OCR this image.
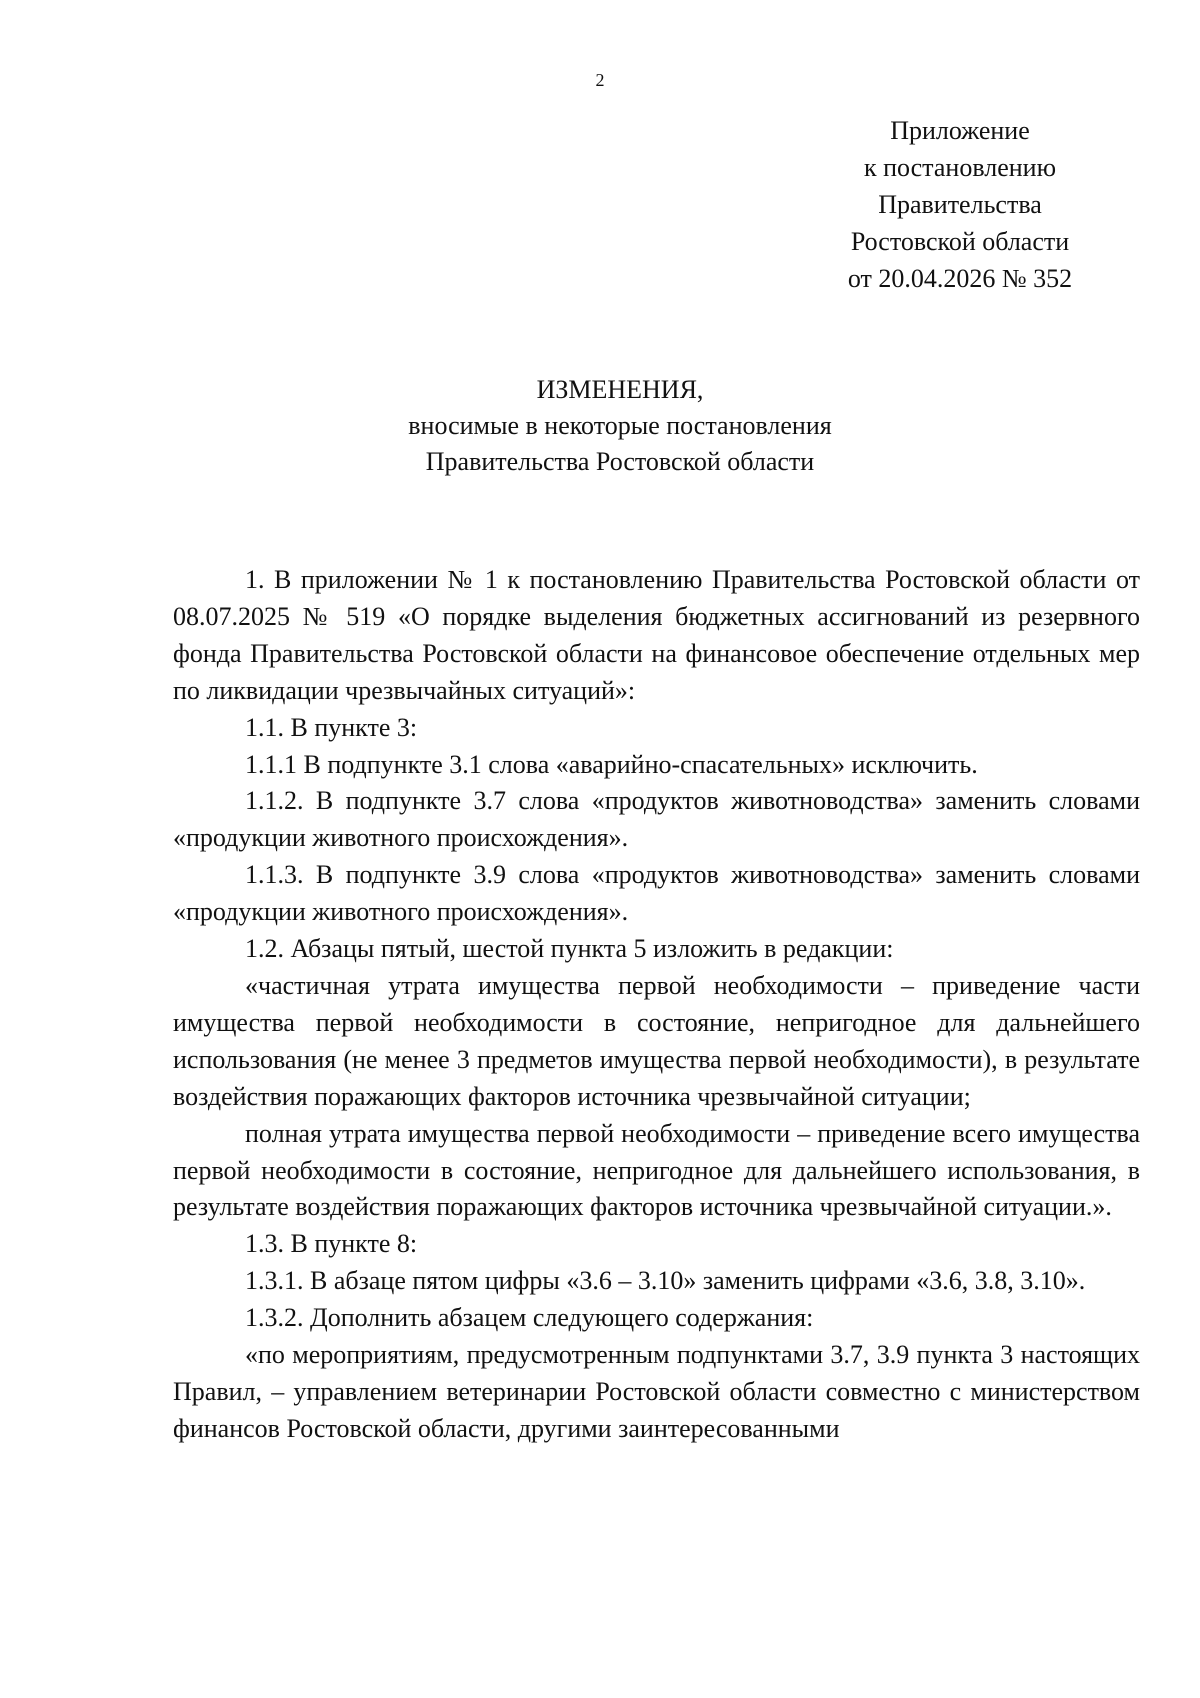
2
Приложение
к постановлению
Правительства
Ростовской области
от 20.04.2026 № 352
ИЗМЕНЕНИЯ,
вносимые в некоторые постановления
Правительства Ростовской области

1. В приложении № 1 к постановлению Правительства Ростовской области от 08.07.2025 № 519 «О порядке выделения бюджетных ассигнований из резервного фонда Правительства Ростовской области на финансовое обеспечение отдельных мер по ликвидации чрезвычайных ситуаций»:

1.1. В пункте 3:

1.1.1 В подпункте 3.1 слова «аварийно-спасательных» исключить.

1.1.2. В подпункте 3.7 слова «продуктов животноводства» заменить словами «продукции животного происхождения».

1.1.3. В подпункте 3.9 слова «продуктов животноводства» заменить словами «продукции животного происхождения».

1.2. Абзацы пятый, шестой пункта 5 изложить в редакции:

«частичная утрата имущества первой необходимости – приведение части имущества первой необходимости в состояние, непригодное для дальнейшего использования (не менее 3 предметов имущества первой необходимости), в результате воздействия поражающих факторов источника чрезвычайной ситуации;

полная утрата имущества первой необходимости – приведение всего имущества первой необходимости в состояние, непригодное для дальнейшего использования, в результате воздействия поражающих факторов источника чрезвычайной ситуации.».

1.3. В пункте 8:

1.3.1. В абзаце пятом цифры «3.6 – 3.10» заменить цифрами «3.6, 3.8, 3.10».

1.3.2. Дополнить абзацем следующего содержания:

«по мероприятиям, предусмотренным подпунктами 3.7, 3.9 пункта 3 настоящих Правил, – управлением ветеринарии Ростовской области совместно с министерством финансов Ростовской области, другими заинтересованными
